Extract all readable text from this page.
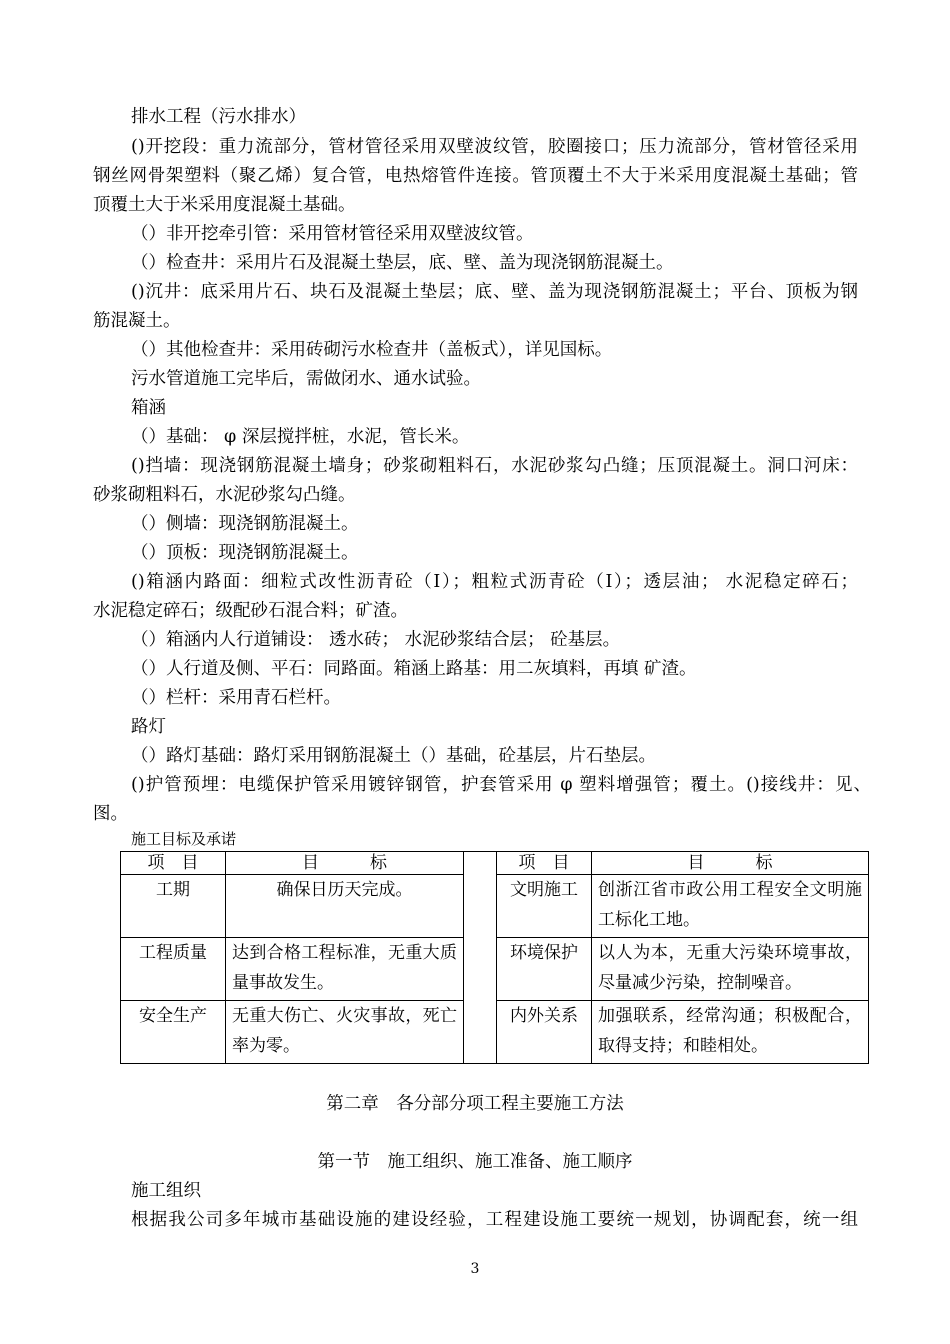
排水工程（污水排水）
()开挖段：重力流部分，管材管径采用双壁波纹管，胶圈接口；压力流部分，管材管径采用
钢丝网骨架塑料（聚乙烯）复合管，电热熔管件连接。管顶覆土不大于米采用度混凝土基础；管
顶覆土大于米采用度混凝土基础。
（）非开挖牵引管：采用管材管径采用双壁波纹管。
（）检查井：采用片石及混凝土垫层，底、壁、盖为现浇钢筋混凝土。
()沉井：底采用片石、块石及混凝土垫层；底、壁、盖为现浇钢筋混凝土；平台、顶板为钢
筋混凝土。
（）其他检查井：采用砖砌污水检查井（盖板式），详见国标。
污水管道施工完毕后，需做闭水、通水试验。
箱涵
（）基础： φ 深层搅拌桩，水泥，管长米。
()挡墙：现浇钢筋混凝土墙身；砂浆砌粗料石，水泥砂浆勾凸缝；压顶混凝土。洞口河床：
砂浆砌粗料石，水泥砂浆勾凸缝。
（）侧墙：现浇钢筋混凝土。
（）顶板：现浇钢筋混凝土。
()箱涵内路面：细粒式改性沥青砼（Ⅰ）；粗粒式沥青砼（Ⅰ）；透层油； 水泥稳定碎石；
水泥稳定碎石；级配砂石混合料；矿渣。
（）箱涵内人行道铺设： 透水砖； 水泥砂浆结合层； 砼基层。
（）人行道及侧、平石：同路面。箱涵上路基：用二灰填料，再填 矿渣。
（）栏杆：采用青石栏杆。
路灯
（）路灯基础：路灯采用钢筋混凝土（）基础，砼基层，片石垫层。
()护管预埋：电缆保护管采用镀锌钢管，护套管采用 φ 塑料增强管；覆土。()接线井：见、
图。
施工目标及承诺
项　目	目　　　标		项　目	目　　　标
工期	确保日历天完成。		文明施工	创浙江省市政公用工程安全文明施工标化工地。
工程质量	达到合格工程标准，无重大质量事故发生。		环境保护	以人为本，无重大污染环境事故，尽量减少污染，控制噪音。
安全生产	无重大伤亡、火灾事故，死亡率为零。		内外关系	加强联系，经常沟通；积极配合，取得支持；和睦相处。
第二章　各分部分项工程主要施工方法
第一节　施工组织、施工准备、施工顺序
施工组织
根据我公司多年城市基础设施的建设经验，工程建设施工要统一规划，协调配套，统一组
3
